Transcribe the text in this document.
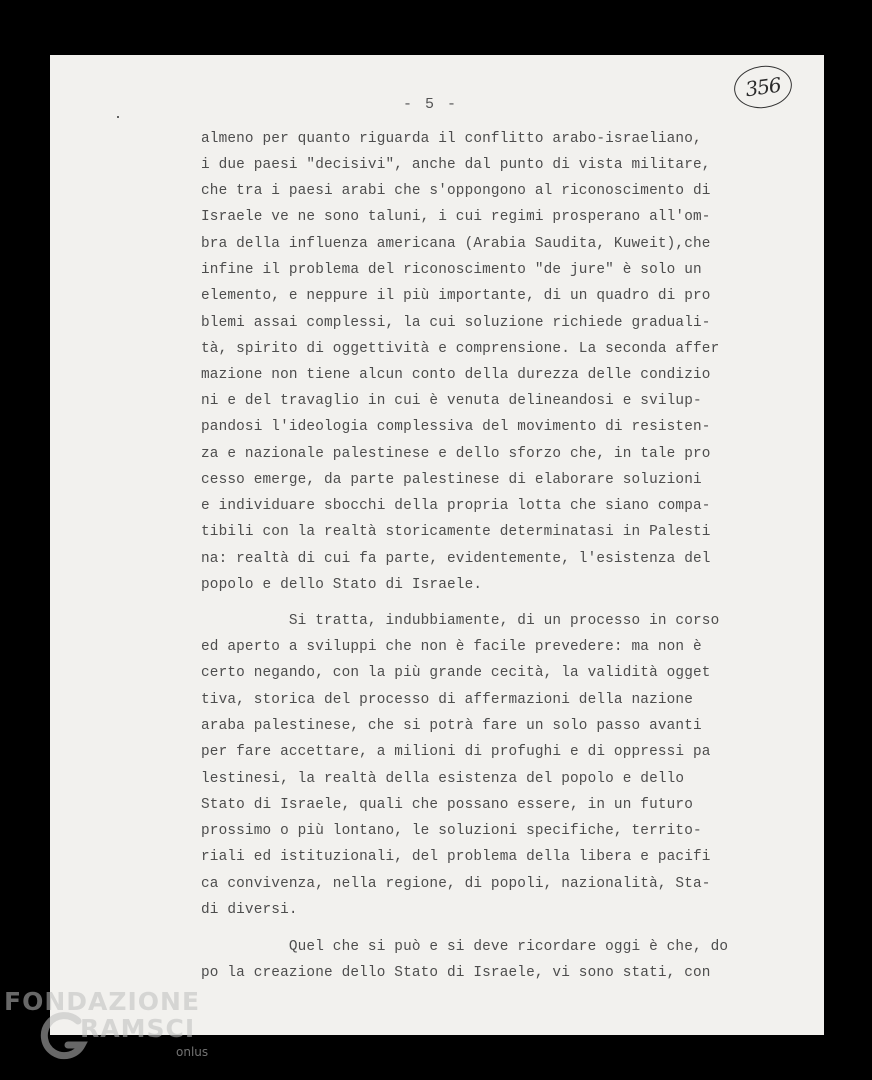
356
- 5 -
almeno per quanto riguarda il conflitto arabo-israeliano,
i due paesi "decisivi", anche dal punto di vista militare,
che tra i paesi arabi che s'oppongono al riconoscimento di
Israele ve ne sono taluni, i cui regimi prosperano all'om-
bra della influenza americana (Arabia Saudita, Kuweit),che
infine il problema del riconoscimento "de jure" è solo un
elemento, e neppure il più importante, di un quadro di pro
blemi assai complessi, la cui soluzione richiede graduali-
tà, spirito di oggettività e comprensione. La seconda affer
mazione non tiene alcun conto della durezza delle condizio
ni e del travaglio in cui è venuta delineandosi e svilup-
pandosi l'ideologia complessiva del movimento di resisten-
za e nazionale palestinese e dello sforzo che, in tale pro
cesso emerge, da parte palestinese di elaborare soluzioni
e individuare sbocchi della propria lotta che siano compa-
tibili con la realtà storicamente determinatasi in Palesti
na: realtà di cui fa parte, evidentemente, l'esistenza del
popolo e dello Stato di Israele.
Si tratta, indubbiamente, di un processo in corso
ed aperto a sviluppi che non è facile prevedere: ma non è
certo negando, con la più grande cecità, la validità ogget
tiva, storica del processo di affermazioni della nazione
araba palestinese, che si potrà fare un solo passo avanti
per fare accettare, a milioni di profughi e di oppressi pa
lestinesi, la realtà della esistenza del popolo e dello
Stato di Israele, quali che possano essere, in un futuro
prossimo o più lontano, le soluzioni specifiche, territo-
riali ed istituzionali, del problema della libera e pacifi
ca convivenza, nella regione, di popoli, nazionalità, Sta-
di diversi.
Quel che si può e si deve ricordare oggi è che, do
po la creazione dello Stato di Israele, vi sono stati, con
FONDAZIONE
RAMSCI
onlus
